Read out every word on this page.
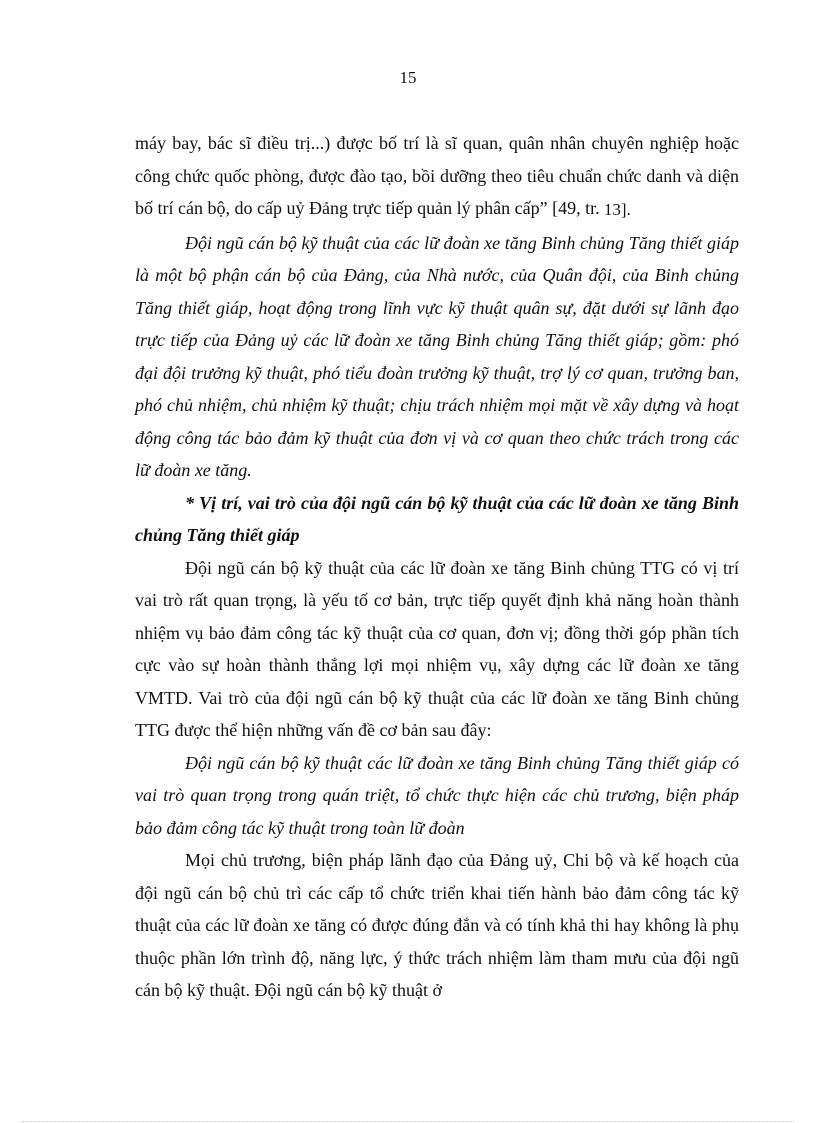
15

máy bay, bác sĩ điều trị...) được bố trí là sĩ quan, quân nhân chuyên nghiệp hoặc công chức quốc phòng, được đào tạo, bồi dưỡng theo tiêu chuẩn chức danh và diện bố trí cán bộ, do cấp uỷ Đảng trực tiếp quản lý phân cấp” [49, tr. 13].

Đội ngũ cán bộ kỹ thuật của các lữ đoàn xe tăng Binh chủng Tăng thiết giáp là một bộ phận cán bộ của Đảng, của Nhà nước, của Quân đội, của Binh chủng Tăng thiết giáp, hoạt động trong lĩnh vực kỹ thuật quân sự, đặt dưới sự lãnh đạo trực tiếp của Đảng uỷ các lữ đoàn xe tăng Binh chủng Tăng thiết giáp; gồm: phó đại đội trưởng kỹ thuật, phó tiểu đoàn trưởng kỹ thuật, trợ lý cơ quan, trưởng ban, phó chủ nhiệm, chủ nhiệm kỹ thuật; chịu trách nhiệm mọi mặt về xây dựng và hoạt động công tác bảo đảm kỹ thuật của đơn vị và cơ quan theo chức trách trong các lữ đoàn xe tăng.

* Vị trí, vai trò của đội ngũ cán bộ kỹ thuật của các lữ đoàn xe tăng Binh chủng Tăng thiết giáp

Đội ngũ cán bộ kỹ thuật của các lữ đoàn xe tăng Binh chủng TTG có vị trí vai trò rất quan trọng, là yếu tố cơ bản, trực tiếp quyết định khả năng hoàn thành nhiệm vụ bảo đảm công tác kỹ thuật của cơ quan, đơn vị; đồng thời góp phần tích cực vào sự hoàn thành thắng lợi mọi nhiệm vụ, xây dựng các lữ đoàn xe tăng VMTD. Vai trò của đội ngũ cán bộ kỹ thuật của các lữ đoàn xe tăng Binh chủng TTG được thể hiện những vấn đề cơ bản sau đây:

Đội ngũ cán bộ kỹ thuật các lữ đoàn xe tăng Binh chủng Tăng thiết giáp có vai trò quan trọng trong quán triệt, tổ chức thực hiện các chủ trương, biện pháp bảo đảm công tác kỹ thuật trong toàn lữ đoàn

Mọi chủ trương, biện pháp lãnh đạo của Đảng uỷ, Chi bộ và kế hoạch của đội ngũ cán bộ chủ trì các cấp tổ chức triển khai tiến hành bảo đảm công tác kỹ thuật của các lữ đoàn xe tăng có được đúng đắn và có tính khả thi hay không là phụ thuộc phần lớn trình độ, năng lực, ý thức trách nhiệm làm tham mưu của đội ngũ cán bộ kỹ thuật. Đội ngũ cán bộ kỹ thuật ở
